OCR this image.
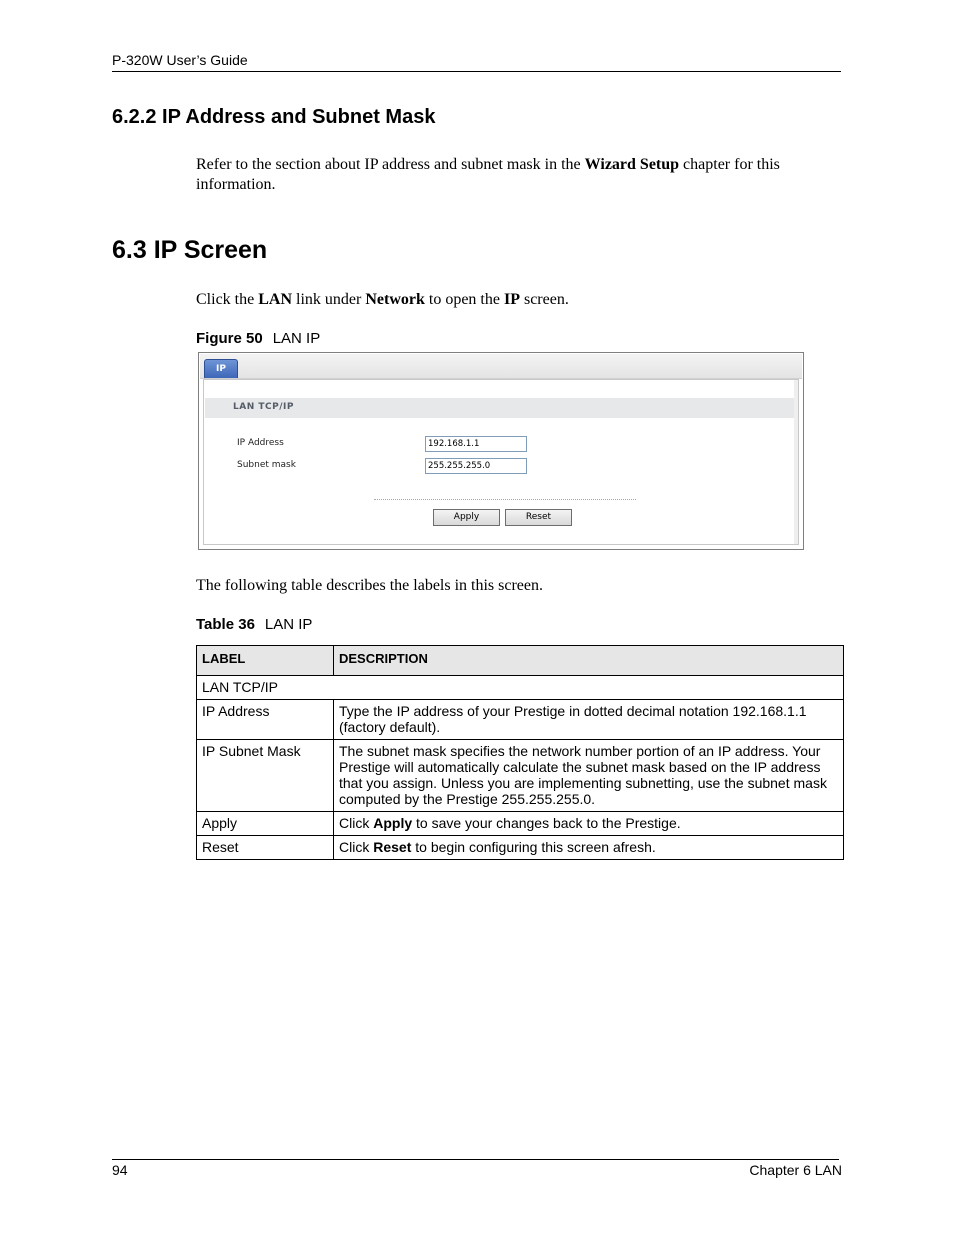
P-320W User’s Guide
6.2.2 IP Address and Subnet Mask
Refer to the section about IP address and subnet mask in the Wizard Setup chapter for this information.
6.3 IP Screen
Click the LAN link under Network to open the IP screen.
Figure 50 LAN IP
IP
LAN TCP/IP
IP Address	192.168.1.1
Subnet mask	255.255.255.0
Apply	Reset
The following table describes the labels in this screen.
Table 36 LAN IP
LABEL	DESCRIPTION
LAN TCP/IP	
IP Address	Type the IP address of your Prestige in dotted decimal notation 192.168.1.1 (factory default).
IP Subnet Mask	The subnet mask specifies the network number portion of an IP address. Your Prestige will automatically calculate the subnet mask based on the IP address that you assign. Unless you are implementing subnetting, use the subnet mask computed by the Prestige 255.255.255.0.
Apply	Click Apply to save your changes back to the Prestige.
Reset	Click Reset to begin configuring this screen afresh.
94	Chapter 6 LAN
